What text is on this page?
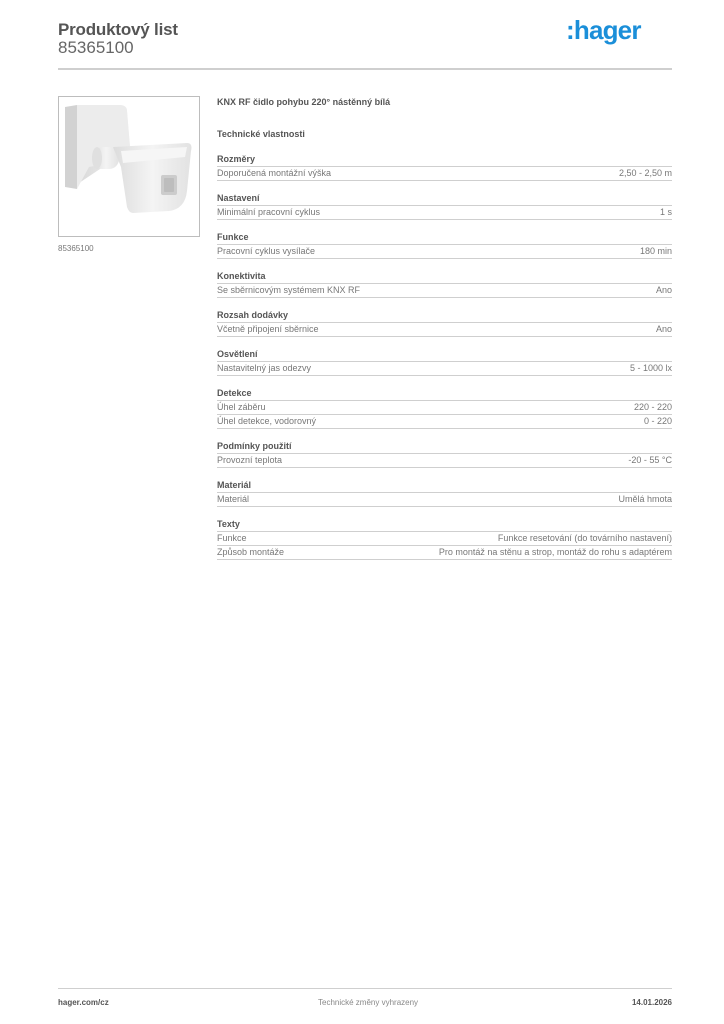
Produktový list
85365100
:hager
85365100
KNX RF čidlo pohybu 220° nástěnný bílá
Technické vlastnosti
Rozměry
Doporučená montážní výška	2,50 - 2,50 m
Nastavení
Minimální pracovní cyklus	1 s
Funkce
Pracovní cyklus vysílače	180 min
Konektivita
Se sběrnicovým systémem KNX RF	Ano
Rozsah dodávky
Včetně připojení sběrnice	Ano
Osvětlení
Nastavitelný jas odezvy	5 - 1000 lx
Detekce
Úhel záběru	220 - 220
Úhel detekce, vodorovný	0 - 220
Podmínky použití
Provozní teplota	-20 - 55 °C
Materiál
Materiál	Umělá hmota
Texty
Funkce	Funkce resetování (do továrního nastavení)
Způsob montáže	Pro montáž na stěnu a strop, montáž do rohu s adaptérem
hager.com/cz	Technické změny vyhrazeny	14.01.2026
